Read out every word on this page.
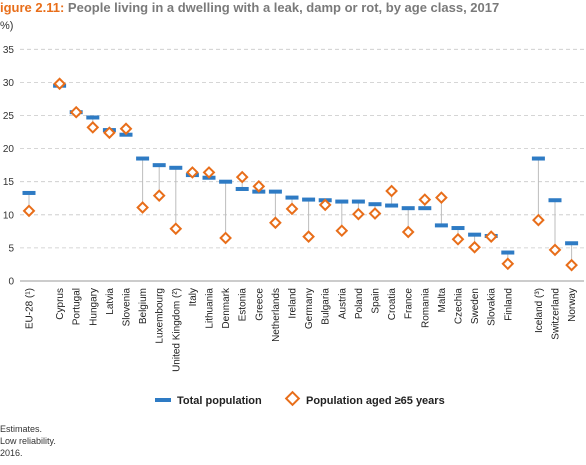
igure 2.11: People living in a dwelling with a leak, damp or rot, by age class, 2017
%)
0
5
10
15
20
25
30
35
EU-28 (¹) Cyprus Portugal Hungary Latvia Slovenia Belgium Luxembourg United Kingdom (²) Italy Lithuania Denmark Estonia Greece Netherlands Ireland Germany Bulgaria Austria Poland Spain Croatia France Romania Malta Czechia Sweden Slovakia Finland Iceland (³) Switzerland Norway
Total population	Population aged ≥65 years
Estimates.
Low reliability.
2016.
